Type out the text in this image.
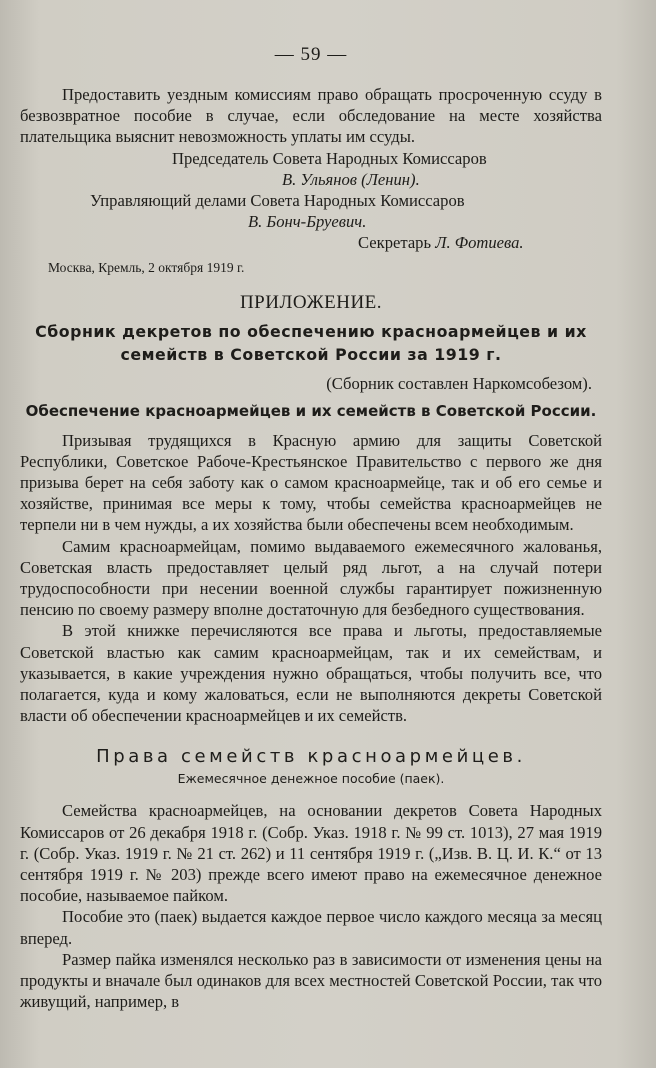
— 59 —

Предоставить уездным комиссиям право обращать просроченную ссуду в безвозвратное пособие в случае, если обследование на месте хозяйства плательщика выяснит невозможность уплаты им ссуды.

Председатель Совета Народных Комиссаров
В. Ульянов (Ленин).
Управляющий делами Совета Народных Комиссаров
В. Бонч-Бруевич.
Секретарь Л. Фотиева.
Москва, Кремль, 2 октября 1919 г.
ПРИЛОЖЕНИЕ.
Сборник декретов по обеспечению красноармейцев и их семейств в Советской России за 1919 г.
(Сборник составлен Наркомсобезом).
Обеспечение красноармейцев и их семейств в Советской России.

Призывая трудящихся в Красную армию для защиты Советской Республики, Советское Рабоче-Крестьянское Правительство с первого же дня призыва берет на себя заботу как о самом красноармейце, так и об его семье и хозяйстве, принимая все меры к тому, чтобы семейства красноармейцев не терпели ни в чем нужды, а их хозяйства были обеспечены всем необходимым.

Самим красноармейцам, помимо выдаваемого ежемесячного жалованья, Советская власть предоставляет целый ряд льгот, а на случай потери трудоспособности при несении военной службы гарантирует пожизненную пенсию по своему размеру вполне достаточную для безбедного существования.

В этой книжке перечисляются все права и льготы, предоставляемые Советской властью как самим красноармейцам, так и их семействам, и указывается, в какие учреждения нужно обращаться, чтобы получить все, что полагается, куда и кому жаловаться, если не выполняются декреты Советской власти об обеспечении красноармейцев и их семейств.

Права семейств красноармейцев.
Ежемесячное денежное пособие (паек).

Семейства красноармейцев, на основании декретов Совета Народных Комиссаров от 26 декабря 1918 г. (Собр. Указ. 1918 г. № 99 ст. 1013), 27 мая 1919 г. (Собр. Указ. 1919 г. № 21 ст. 262) и 11 сентября 1919 г. („Изв. В. Ц. И. К.“ от 13 сентября 1919 г. № 203) прежде всего имеют право на ежемесячное денежное пособие, называемое пайком.

Пособие это (паек) выдается каждое первое число каждого месяца за месяц вперед.

Размер пайка изменялся несколько раз в зависимости от изменения цены на продукты и вначале был одинаков для всех местностей Советской России, так что живущий, например, в
